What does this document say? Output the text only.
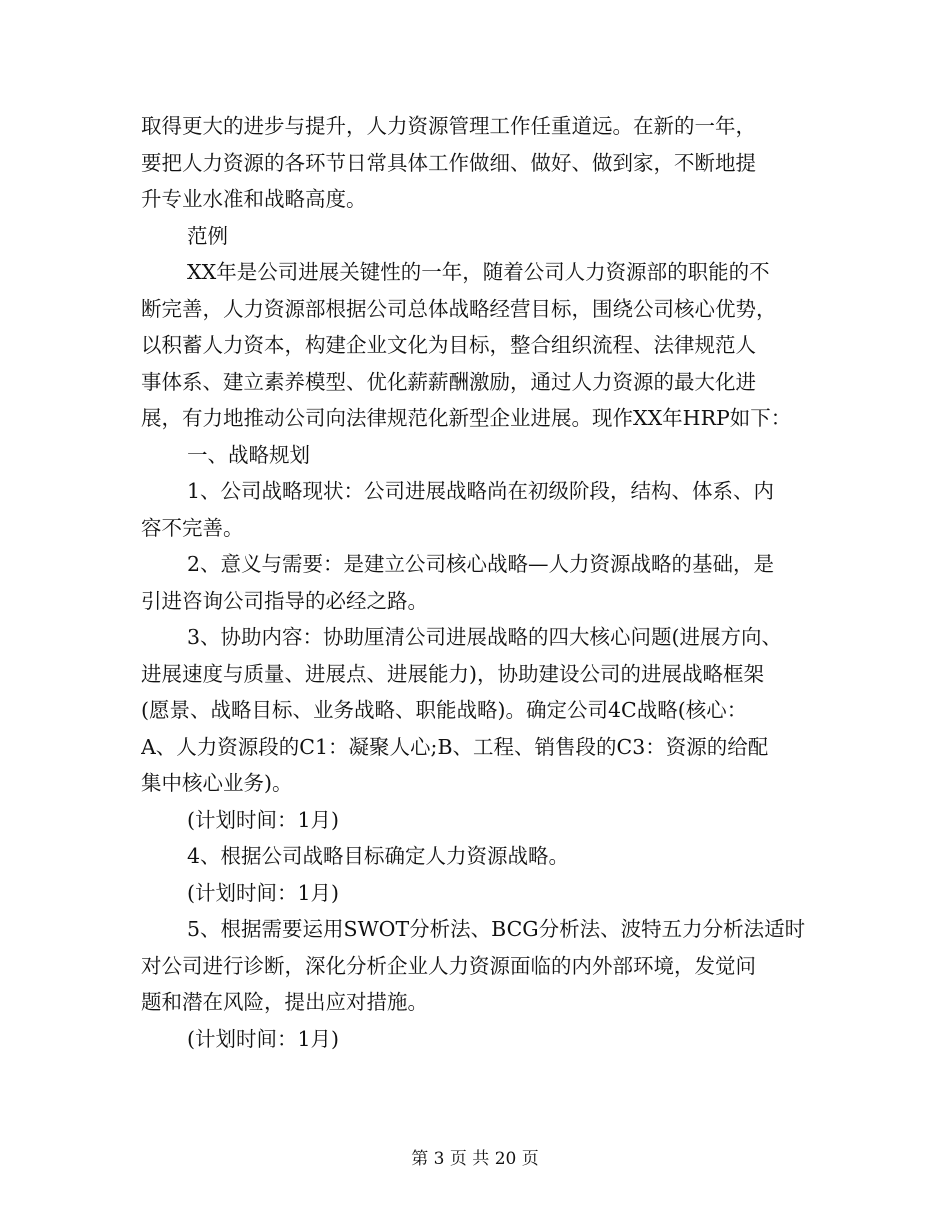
取得更大的进步与提升，人力资源管理工作任重道远。在新的一年，
要把人力资源的各环节日常具体工作做细、做好、做到家，不断地提
升专业水准和战略高度。
范例
XX年是公司进展关键性的一年，随着公司人力资源部的职能的不
断完善，人力资源部根据公司总体战略经营目标，围绕公司核心优势，
以积蓄人力资本，构建企业文化为目标，整合组织流程、法律规范人
事体系、建立素养模型、优化薪薪酬激励，通过人力资源的最大化进
展，有力地推动公司向法律规范化新型企业进展。现作XX年HRP如下：
一、战略规划
1、公司战略现状：公司进展战略尚在初级阶段，结构、体系、内
容不完善。
2、意义与需要：是建立公司核心战略—人力资源战略的基础，是
引进咨询公司指导的必经之路。
3、协助内容：协助厘清公司进展战略的四大核心问题(进展方向、
进展速度与质量、进展点、进展能力)，协助建设公司的进展战略框架
(愿景、战略目标、业务战略、职能战略)。确定公司4C战略(核心：
A、人力资源段的C1：凝聚人心;B、工程、销售段的C3：资源的给配
集中核心业务)。
(计划时间：1月)
4、根据公司战略目标确定人力资源战略。
(计划时间：1月)
5、根据需要运用SWOT分析法、BCG分析法、波特五力分析法适时
对公司进行诊断，深化分析企业人力资源面临的内外部环境，发觉问
题和潜在风险，提出应对措施。
(计划时间：1月)
第 3 页 共 20 页
